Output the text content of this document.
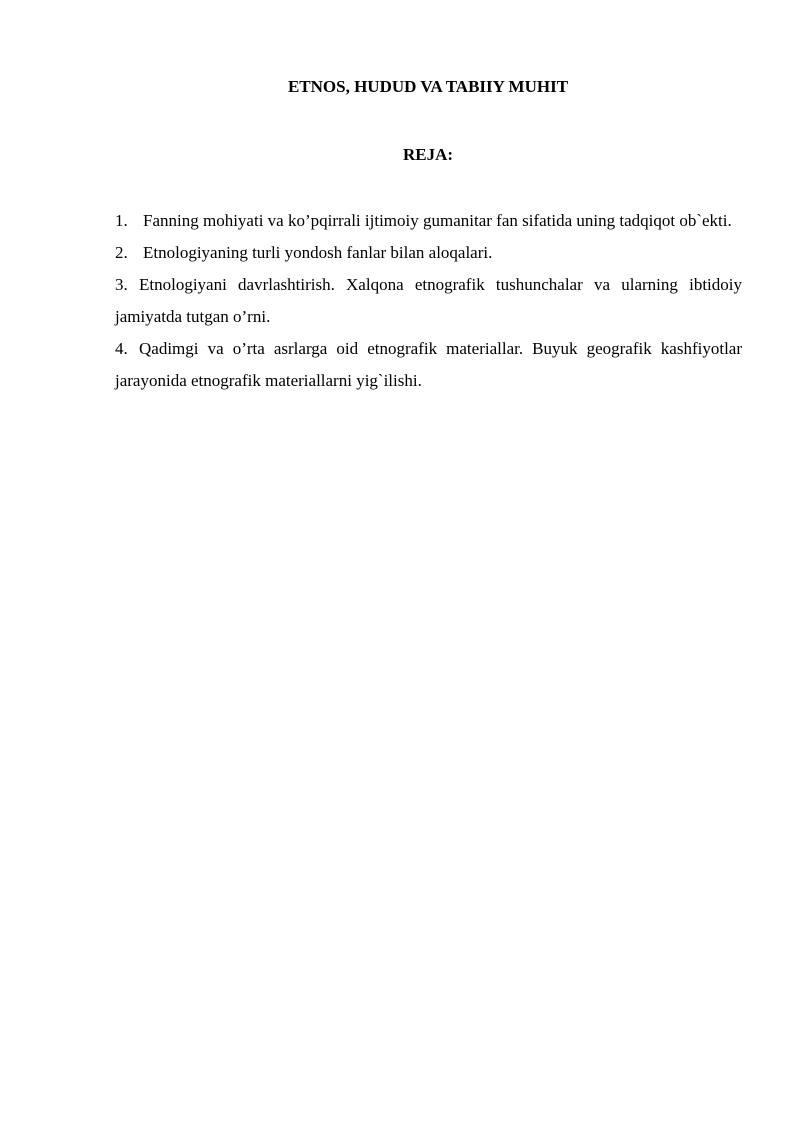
ETNOS, HUDUD VA TABIIY MUHIT
REJA:
1. Fanning mohiyati va ko’pqirrali ijtimoiy gumanitar fan sifatida uning tadqiqot ob`ekti.
2. Etnologiyaning turli yondosh fanlar bilan aloqalari.
3. Etnologiyani davrlashtirish. Xalqona etnografik tushunchalar va ularning ibtidoiy jamiyatda tutgan o’rni.
4. Qadimgi va o’rta asrlarga oid etnografik materiallar. Buyuk geografik kashfiyotlar jarayonida etnografik materiallarni yig`ilishi.
